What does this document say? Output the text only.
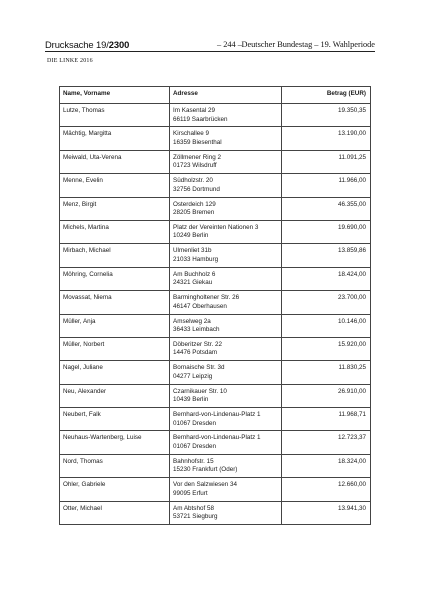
Drucksache 19/2300	– 244 – Deutscher Bundestag – 19. Wahlperiode
DIE LINKE 2016
Name, Vorname	Adresse	Betrag (EUR)

Lutze, Thomas	Im Kasental 29
66119 Saarbrücken	19.350,35

Mächtig, Margitta	Kirschallee 9
16359 Biesenthal	13.190,00

Meiwald, Uta-Verena	Zöllmener Ring 2
01723 Wilsdruff	11.091,25

Menne, Evelin	Südholzstr. 20
32756 Dortmund	11.966,00

Menz, Birgit	Osterdeich 129
28205 Bremen	46.355,00

Michels, Martina	Platz der Vereinten Nationen 3
10249 Berlin	19.690,00

Mirbach, Michael	Ulmenliet 31b
21033 Hamburg	13.859,86

Möhring, Cornelia	Am Buchholz 6
24321 Giekau	18.424,00

Movassat, Niema	Barmingholtener Str. 26
46147 Oberhausen	23.700,00

Müller, Anja	Amselweg 2a
36433 Leimbach	10.146,00

Müller, Norbert	Döberitzer Str. 22
14476 Potsdam	15.920,00

Nagel, Juliane	Bornaische Str. 3d
04277 Leipzig	11.830,25

Neu, Alexander	Czarnikauer Str. 10
10439 Berlin	26.910,00

Neubert, Falk	Bernhard-von-Lindenau-Platz 1
01067 Dresden	11.968,71

Neuhaus-Wartenberg, Luise	Bernhard-von-Lindenau-Platz 1
01067 Dresden	12.723,37

Nord, Thomas	Bahnhofstr. 15
15230 Frankfurt (Oder)	18.324,00

Ohler, Gabriele	Vor den Salzwiesen 34
99095 Erfurt	12.660,00

Otter, Michael	Am Abtshof 58
53721 Siegburg	13.941,30
